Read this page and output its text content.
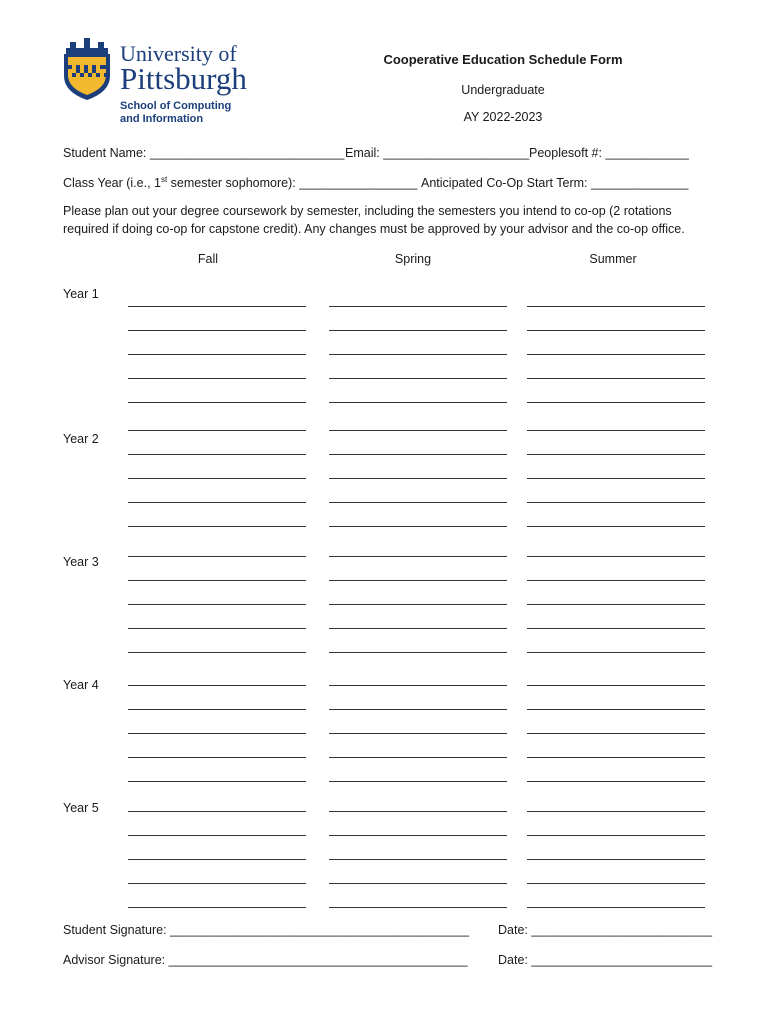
University of
Pittsburgh
School of Computing
and Information
Cooperative Education Schedule Form
Undergraduate
AY 2022-2023
Student Name: ____________________________ Email: _____________________ Peoplesoft #: ____________
Class Year (i.e., 1st semester sophomore): _________________ Anticipated Co-Op Start Term: ______________
Please plan out your degree coursework by semester, including the semesters you intend to co-op (2 rotations
required if doing co-op for capstone credit). Any changes must be approved by your advisor and the co-op office.
Fall	Spring	Summer
Year 1
Year 2
Year 3
Year 4
Year 5
Student Signature: ___________________________________________ Date: __________________________
Advisor Signature: ___________________________________________ Date: __________________________
